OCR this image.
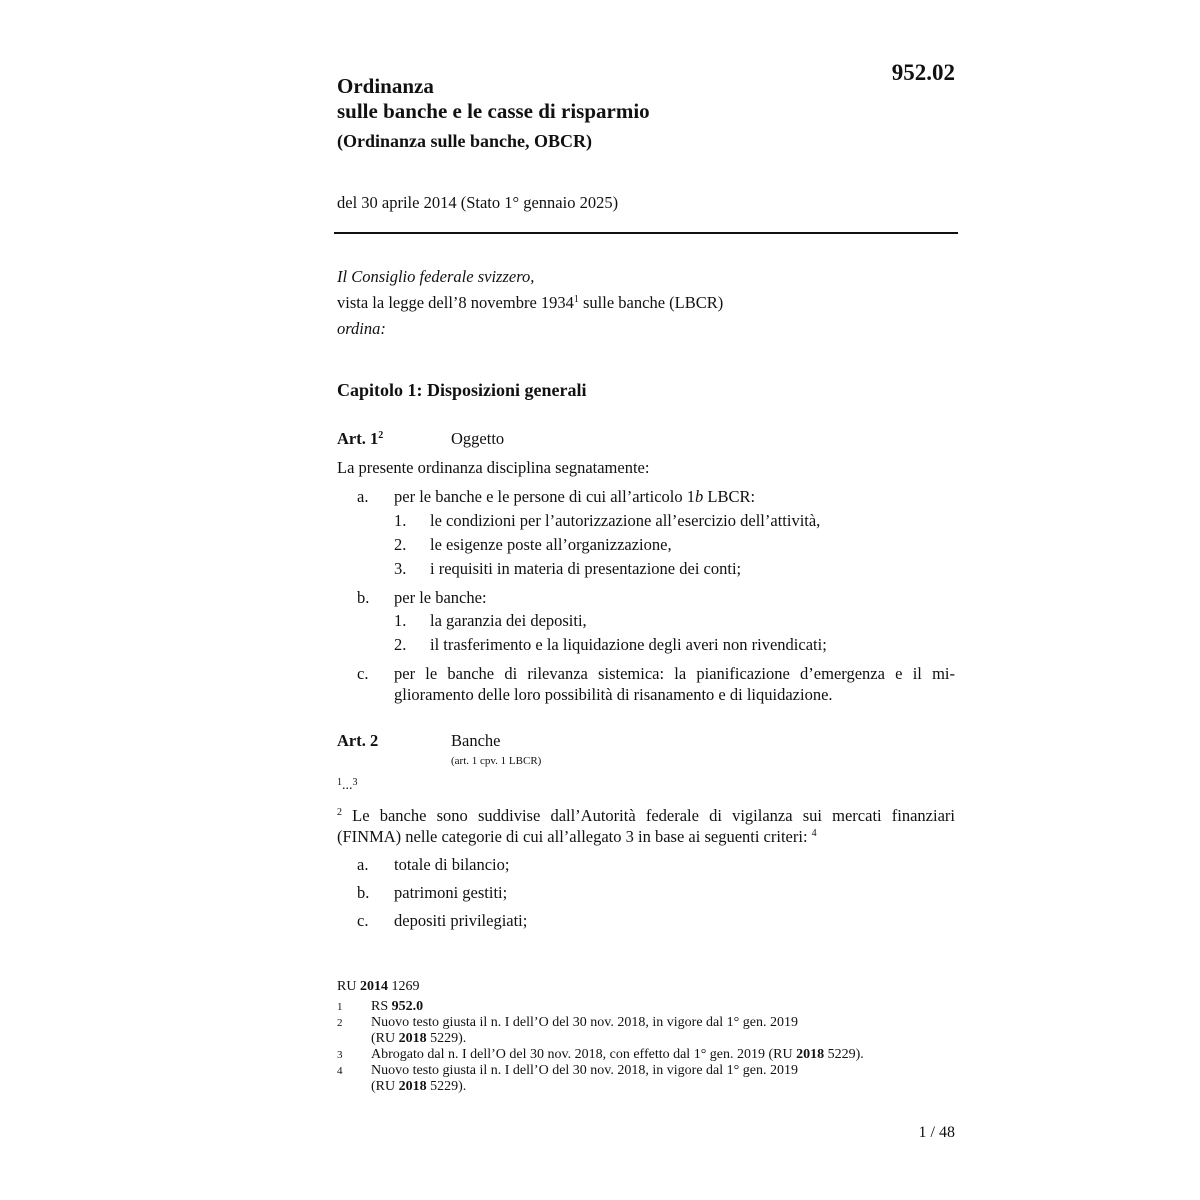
952.02
Ordinanza
sulle banche e le casse di risparmio
(Ordinanza sulle banche, OBCR)
del 30 aprile 2014 (Stato 1° gennaio 2025)
Il Consiglio federale svizzero,
vista la legge dell’8 novembre 1934$^1$ sulle banche (LBCR)
ordina:
Capitolo 1: Disposizioni generali
Art. $1^2$	Oggetto
La presente ordinanza disciplina segnatamente:
a.	per le banche e le persone di cui all’articolo 1b LBCR:
1.	le condizioni per l’autorizzazione all’esercizio dell’attività,
2.	le esigenze poste all’organizzazione,
3.	i requisiti in materia di presentazione dei conti;
b.	per le banche:
1.	la garanzia dei depositi,
2.	il trasferimento e la liquidazione degli averi non rivendicati;
c.	per le banche di rilevanza sistemica: la pianificazione d’emergenza e il mi-glioramento delle loro possibilità di risanamento e di liquidazione.
Art. 2	Banche
(art. 1 cpv. 1 LBCR)
$^1$...$^3$
$^2$ Le banche sono suddivise dall’Autorità federale di vigilanza sui mercati finanziari (FINMA) nelle categorie di cui all’allegato 3 in base ai seguenti criteri: $^4$
a.	totale di bilancio;
b.	patrimoni gestiti;
c.	depositi privilegiati;
RU 2014 1269
1 RS 952.0
2 Nuovo testo giusta il n. I dell’O del 30 nov. 2018, in vigore dal 1° gen. 2019
(RU 2018 5229).
3 Abrogato dal n. I dell’O del 30 nov. 2018, con effetto dal 1° gen. 2019 (RU 2018 5229).
4 Nuovo testo giusta il n. I dell’O del 30 nov. 2018, in vigore dal 1° gen. 2019
(RU 2018 5229).
1 / 48
